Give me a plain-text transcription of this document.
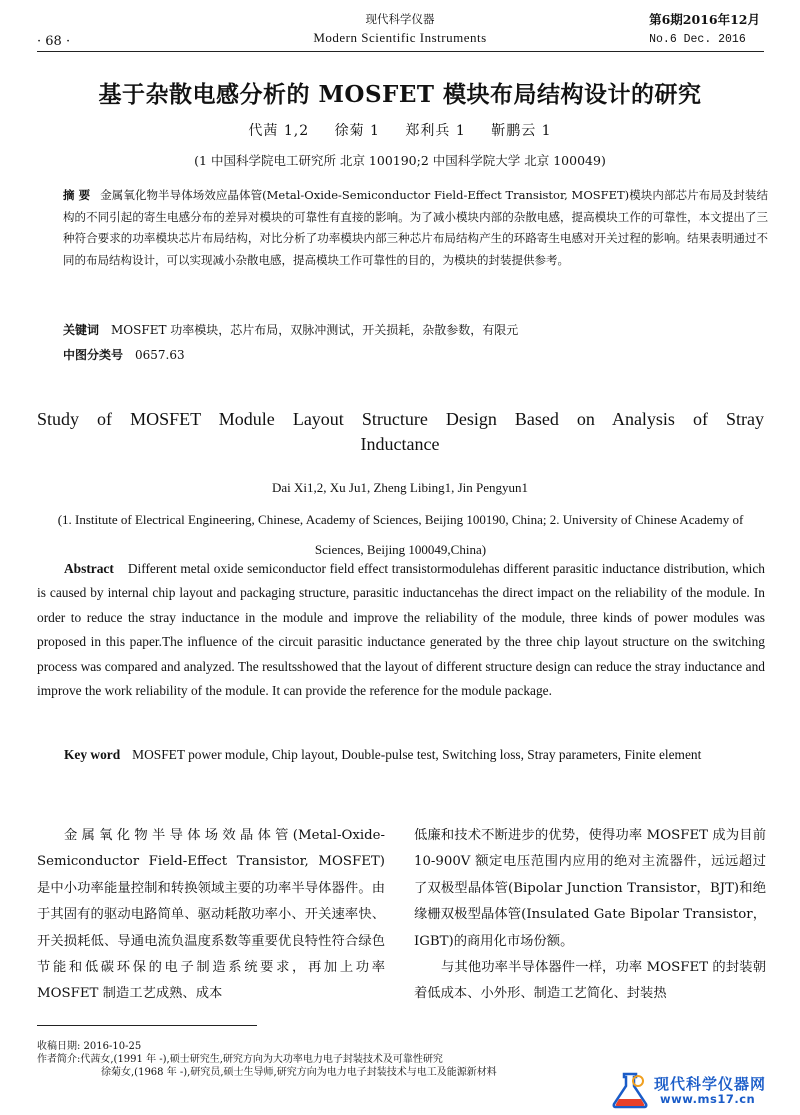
· 68 ·
现代科学仪器
Modern Scientific Instruments
第6期2016年12月
No.6 Dec. 2016
基于杂散电感分析的 MOSFET 模块布局结构设计的研究
代茜 1,2 徐菊 1 郑利兵 1 靳鹏云 1
(1 中国科学院电工研究所 北京 100190;2 中国科学院大学 北京 100049)
摘 要 金属氧化物半导体场效应晶体管(Metal-Oxide-Semiconductor Field-Effect Transistor, MOSFET)模块内部芯片布局及封装结构的不同引起的寄生电感分布的差异对模块的可靠性有直接的影响。为了减小模块内部的杂散电感，提高模块工作的可靠性，本文提出了三种符合要求的功率模块芯片布局结构，对比分析了功率模块内部三种芯片布局结构产生的环路寄生电感对开关过程的影响。结果表明通过不同的布局结构设计，可以实现减小杂散电感，提高模块工作可靠性的目的，为模块的封装提供参考。
关键词 MOSFET 功率模块，芯片布局，双脉冲测试，开关损耗，杂散参数，有限元
中图分类号 0657.63
Study of MOSFET Module Layout Structure Design Based on Analysis of Stray
Inductance
Dai Xi1,2, Xu Ju1, Zheng Libing1, Jin Pengyun1
(1. Institute of Electrical Engineering, Chinese, Academy of Sciences, Beijing 100190, China; 2. University of Chinese Academy of Sciences, Beijing 100049,China)
Abstract Different metal oxide semiconductor field effect transistormodulehas different parasitic inductance distribution, which is caused by internal chip layout and packaging structure, parasitic inductancehas the direct impact on the reliability of the module. In order to reduce the stray inductance in the module and improve the reliability of the module, three kinds of power modules was proposed in this paper.The influence of the circuit parasitic inductance generated by the three chip layout structure on the switching process was compared and analyzed. The resultsshowed that the layout of different structure design can reduce the stray inductance and improve the work reliability of the module. It can provide the reference for the module package.
Key word MOSFET power module, Chip layout, Double-pulse test, Switching loss, Stray parameters, Finite element
金属氧化物半导体场效晶体管(Metal-Oxide-Semiconductor Field-Effect Transistor, MOSFET) 是中小功率能量控制和转换领域主要的功率半导体器件。由于其固有的驱动电路简单、驱动耗散功率小、开关速率快、开关损耗低、导通电流负温度系数等重要优良特性符合绿色节能和低碳环保的电子制造系统要求，再加上功率 MOSFET 制造工艺成熟、成本

低廉和技术不断进步的优势，使得功率 MOSFET 成为目前 10-900V 额定电压范围内应用的绝对主流器件，远远超过了双极型晶体管(Bipolar Junction Transistor，BJT)和绝缘栅双极型晶体管(Insulated Gate Bipolar Transistor，IGBT)的商用化市场份额。

与其他功率半导体器件一样，功率 MOSFET 的封装朝着低成本、小外形、制造工艺简化、封装热

收稿日期: 2016-10-25
作者简介:代茜女,(1991 年 -),硕士研究生,研究方向为大功率电力电子封装技术及可靠性研究
徐菊女,(1968 年 -),研究员,硕士生导师,研究方向为电力电子封装技术与电工及能源新材料
现代科学仪器网
www.ms17.cn
